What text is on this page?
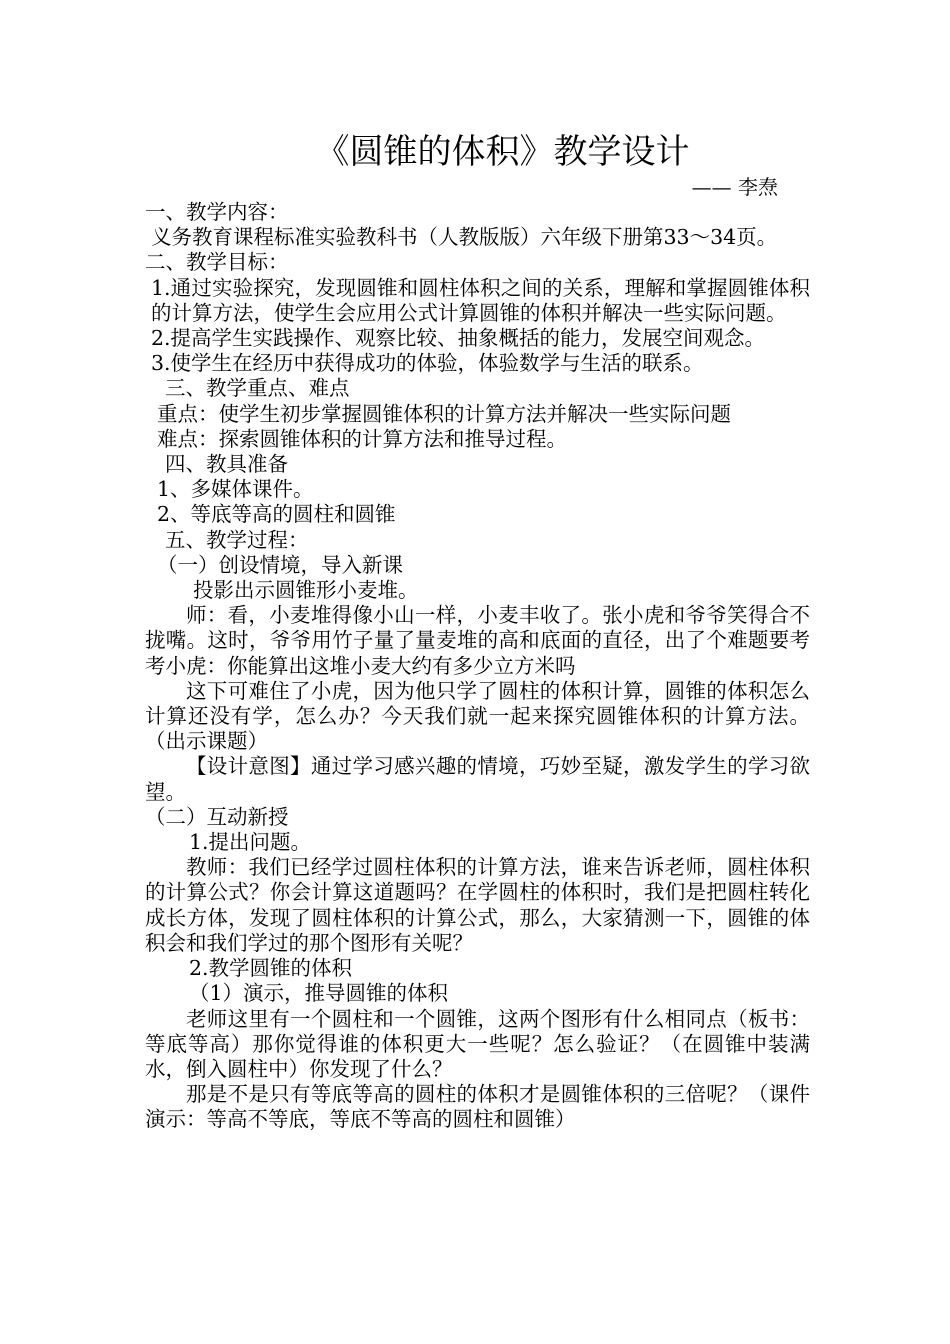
《圆锥的体积》教学设计

—— 李焘

一、教学内容：

义务教育课程标准实验教科书（人教版版）六年级下册第33～34页。

二、教学目标：

1.通过实验探究，发现圆锥和圆柱体积之间的关系，理解和掌握圆锥体积的计算方法，使学生会应用公式计算圆锥的体积并解决一些实际问题。

2.提高学生实践操作、观察比较、抽象概括的能力，发展空间观念。

3.使学生在经历中获得成功的体验，体验数学与生活的联系。

三、教学重点、难点

重点：使学生初步掌握圆锥体积的计算方法并解决一些实际问题

难点：探索圆锥体积的计算方法和推导过程。

四、教具准备

1、多媒体课件。

2、等底等高的圆柱和圆锥

五、教学过程：

（一）创设情境，导入新课

投影出示圆锥形小麦堆。

师：看，小麦堆得像小山一样，小麦丰收了。张小虎和爷爷笑得合不拢嘴。这时，爷爷用竹子量了量麦堆的高和底面的直径，出了个难题要考考小虎：你能算出这堆小麦大约有多少立方米吗

这下可难住了小虎，因为他只学了圆柱的体积计算，圆锥的体积怎么计算还没有学，怎么办？今天我们就一起来探究圆锥体积的计算方法。（出示课题）

【设计意图】通过学习感兴趣的情境，巧妙至疑，激发学生的学习欲望。

（二）互动新授

1.提出问题。

教师：我们已经学过圆柱体积的计算方法，谁来告诉老师，圆柱体积的计算公式？你会计算这道题吗？在学圆柱的体积时，我们是把圆柱转化成长方体，发现了圆柱体积的计算公式，那么，大家猜测一下，圆锥的体积会和我们学过的那个图形有关呢？

2.教学圆锥的体积

（1）演示，推导圆锥的体积

老师这里有一个圆柱和一个圆锥，这两个图形有什么相同点（板书：等底等高）那你觉得谁的体积更大一些呢？怎么验证？（在圆锥中装满水，倒入圆柱中）你发现了什么？

那是不是只有等底等高的圆柱的体积才是圆锥体积的三倍呢？（课件演示：等高不等底，等底不等高的圆柱和圆锥）
